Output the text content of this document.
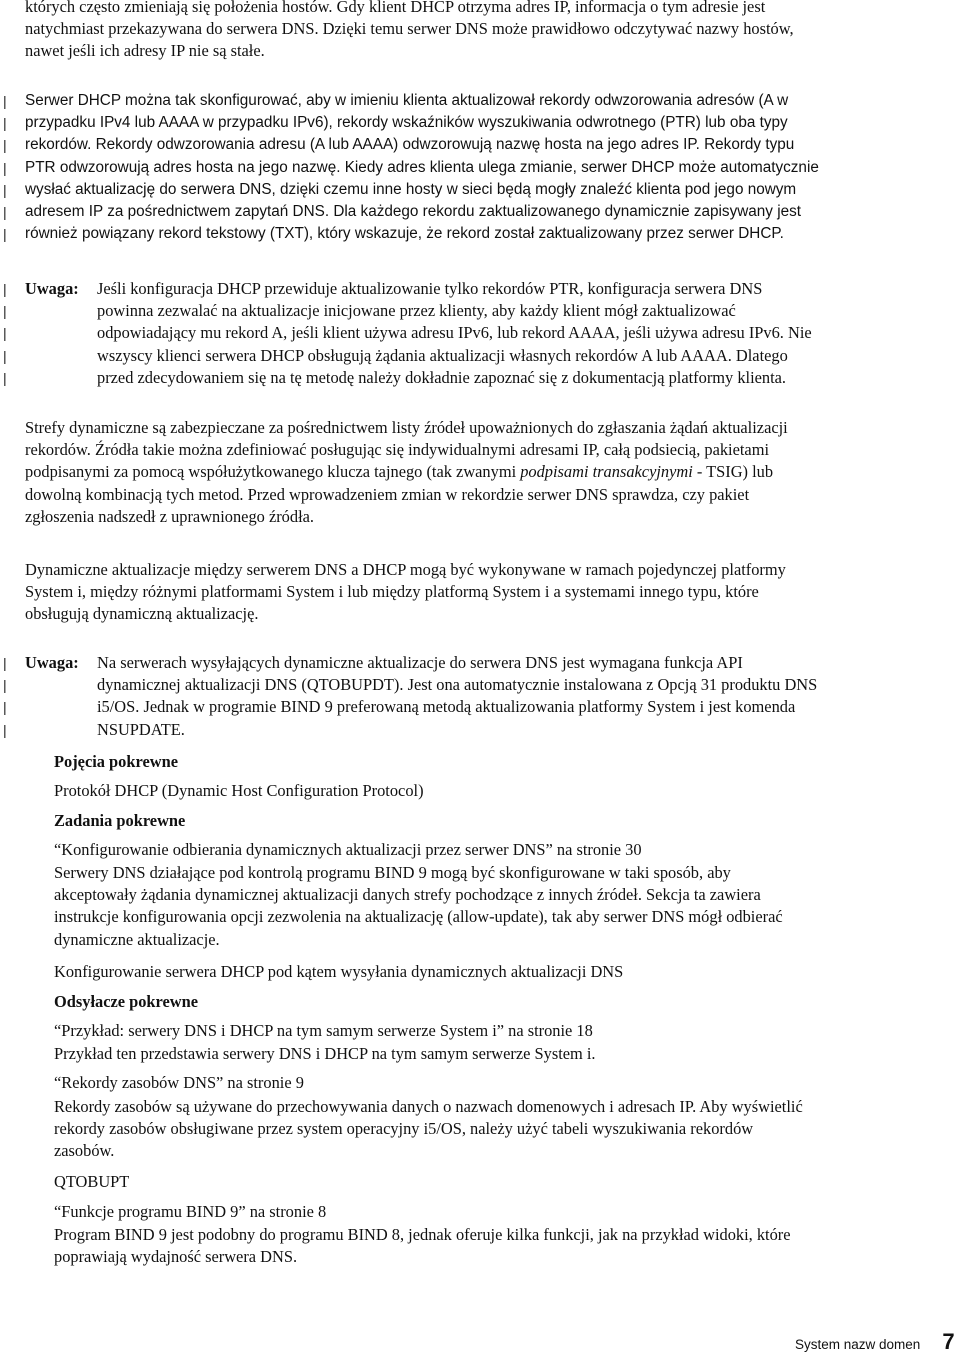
których często zmieniają się położenia hostów. Gdy klient DHCP otrzyma adres IP, informacja o tym adresie jest
natychmiast przekazywana do serwera DNS. Dzięki temu serwer DNS może prawidłowo odczytywać nazwy hostów,
nawet jeśli ich adresy IP nie są stałe.

|
|
|
|
|
|
|

Serwer DHCP można tak skonfigurować, aby w imieniu klienta aktualizował rekordy odwzorowania adresów (A w
przypadku IPv4 lub AAAA w przypadku IPv6), rekordy wskaźników wyszukiwania odwrotnego (PTR) lub oba typy
rekordów. Rekordy odwzorowania adresu (A lub AAAA) odwzorowują nazwę hosta na jego adres IP. Rekordy typu
PTR odwzorowują adres hosta na jego nazwę. Kiedy adres klienta ulega zmianie, serwer DHCP może automatycznie
wysłać aktualizację do serwera DNS, dzięki czemu inne hosty w sieci będą mogły znaleźć klienta pod jego nowym
adresem IP za pośrednictwem zapytań DNS. Dla każdego rekordu zaktualizowanego dynamicznie zapisywany jest
również powiązany rekord tekstowy (TXT), który wskazuje, że rekord został zaktualizowany przez serwer DHCP.

|
|
|
|
|
Uwaga: Jeśli konfiguracja DHCP przewiduje aktualizowanie tylko rekordów PTR, konfiguracja serwera DNS
powinna zezwalać na aktualizacje inicjowane przez klienty, aby każdy klient mógł zaktualizować
odpowiadający mu rekord A, jeśli klient używa adresu IPv6, lub rekord AAAA, jeśli używa adresu IPv6. Nie
wszyscy klienci serwera DHCP obsługują żądania aktualizacji własnych rekordów A lub AAAA. Dlatego
przed zdecydowaniem się na tę metodę należy dokładnie zapoznać się z dokumentacją platformy klienta.

Strefy dynamiczne są zabezpieczane za pośrednictwem listy źródeł upoważnionych do zgłaszania żądań aktualizacji
rekordów. Źródła takie można zdefiniować posługując się indywidualnymi adresami IP, całą podsiecią, pakietami
podpisanymi za pomocą współużytkowanego klucza tajnego (tak zwanymi podpisami transakcyjnymi - TSIG) lub
dowolną kombinacją tych metod. Przed wprowadzeniem zmian w rekordzie serwer DNS sprawdza, czy pakiet
zgłoszenia nadszedł z uprawnionego źródła.

Dynamiczne aktualizacje między serwerem DNS a DHCP mogą być wykonywane w ramach pojedynczej platformy
System i, między różnymi platformami System i lub między platformą System i a systemami innego typu, które
obsługują dynamiczną aktualizację.

|
|
|
|
Uwaga: Na serwerach wysyłających dynamiczne aktualizacje do serwera DNS jest wymagana funkcja API
dynamicznej aktualizacji DNS (QTOBUPDT). Jest ona automatycznie instalowana z Opcją 31 produktu DNS
i5/OS. Jednak w programie BIND 9 preferowaną metodą aktualizowania platformy System i jest komenda
NSUPDATE.

Pojęcia pokrewne
Protokół DHCP (Dynamic Host Configuration Protocol)
Zadania pokrewne
“Konfigurowanie odbierania dynamicznych aktualizacji przez serwer DNS” na stronie 30
Serwery DNS działające pod kontrolą programu BIND 9 mogą być skonfigurowane w taki sposób, aby
akceptowały żądania dynamicznej aktualizacji danych strefy pochodzące z innych źródeł. Sekcja ta zawiera
instrukcje konfigurowania opcji zezwolenia na aktualizację (allow-update), tak aby serwer DNS mógł odbierać
dynamiczne aktualizacje.
Konfigurowanie serwera DHCP pod kątem wysyłania dynamicznych aktualizacji DNS
Odsyłacze pokrewne
“Przykład: serwery DNS i DHCP na tym samym serwerze System i” na stronie 18
Przykład ten przedstawia serwery DNS i DHCP na tym samym serwerze System i.
“Rekordy zasobów DNS” na stronie 9
Rekordy zasobów są używane do przechowywania danych o nazwach domenowych i adresach IP. Aby wyświetlić
rekordy zasobów obsługiwane przez system operacyjny i5/OS, należy użyć tabeli wyszukiwania rekordów
zasobów.
QTOBUPT
“Funkcje programu BIND 9” na stronie 8
Program BIND 9 jest podobny do programu BIND 8, jednak oferuje kilka funkcji, jak na przykład widoki, które
poprawiają wydajność serwera DNS.
System nazw domen 7
